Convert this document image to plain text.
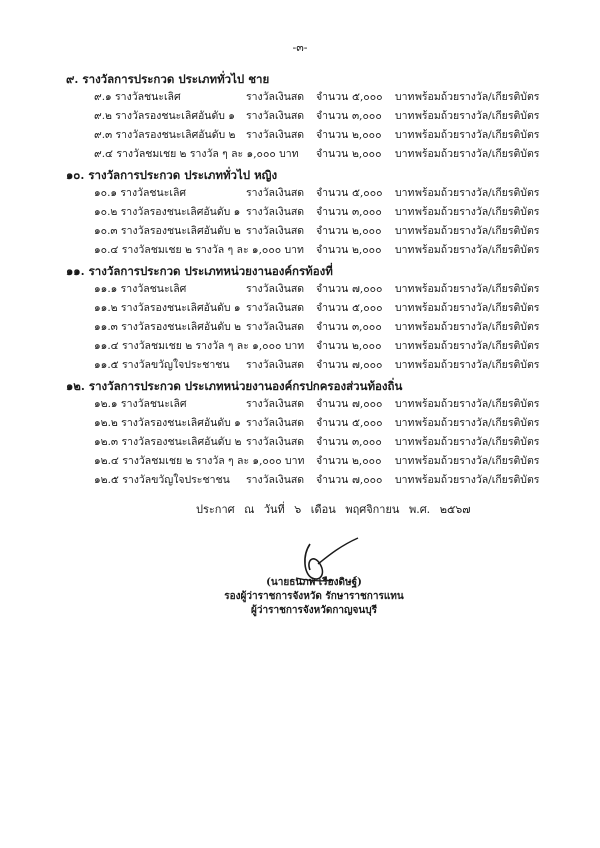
-๓-
๙. รางวัลการประกวด ประเภททั่วไป ชาย
๙.๑ รางวัลชนะเลิศ	รางวัลเงินสด จำนวน ๕,๐๐๐ บาท พร้อมถ้วยรางวัล/เกียรติบัตร
๙.๒ รางวัลรองชนะเลิศอันดับ ๑ รางวัลเงินสด จำนวน ๓,๐๐๐ บาท พร้อมถ้วยรางวัล/เกียรติบัตร
๙.๓ รางวัลรองชนะเลิศอันดับ ๒ รางวัลเงินสด จำนวน ๒,๐๐๐ บาท พร้อมถ้วยรางวัล/เกียรติบัตร
๙.๔ รางวัลชมเชย ๒ รางวัล ๆ ละ ๑,๐๐๐ บาท จำนวน ๒,๐๐๐ บาท พร้อมถ้วยรางวัล/เกียรติบัตร
๑๐. รางวัลการประกวด ประเภททั่วไป หญิง
๑๐.๑ รางวัลชนะเลิศ	รางวัลเงินสด จำนวน ๕,๐๐๐ บาท พร้อมถ้วยรางวัล/เกียรติบัตร
๑๐.๒ รางวัลรองชนะเลิศอันดับ ๑ รางวัลเงินสด จำนวน ๓,๐๐๐ บาท พร้อมถ้วยรางวัล/เกียรติบัตร
๑๐.๓ รางวัลรองชนะเลิศอันดับ ๒ รางวัลเงินสด จำนวน ๒,๐๐๐ บาท พร้อมถ้วยรางวัล/เกียรติบัตร
๑๐.๔ รางวัลชมเชย ๒ รางวัล ๆ ละ ๑,๐๐๐ บาท จำนวน ๒,๐๐๐ บาท พร้อมถ้วยรางวัล/เกียรติบัตร
๑๑. รางวัลการประกวด ประเภทหน่วยงานองค์กรท้องที่
๑๑.๑ รางวัลชนะเลิศ	รางวัลเงินสด จำนวน ๗,๐๐๐ บาท พร้อมถ้วยรางวัล/เกียรติบัตร
๑๑.๒ รางวัลรองชนะเลิศอันดับ ๑ รางวัลเงินสด จำนวน ๕,๐๐๐ บาท พร้อมถ้วยรางวัล/เกียรติบัตร
๑๑.๓ รางวัลรองชนะเลิศอันดับ ๒ รางวัลเงินสด จำนวน ๓,๐๐๐ บาท พร้อมถ้วยรางวัล/เกียรติบัตร
๑๑.๔ รางวัลชมเชย ๒ รางวัล ๆ ละ ๑,๐๐๐ บาท จำนวน ๒,๐๐๐ บาท พร้อมถ้วยรางวัล/เกียรติบัตร
๑๑.๕ รางวัลขวัญใจประชาชน รางวัลเงินสด จำนวน ๗,๐๐๐ บาท พร้อมถ้วยรางวัล/เกียรติบัตร
๑๒. รางวัลการประกวด ประเภทหน่วยงานองค์กรปกครองส่วนท้องถิ่น
๑๒.๑ รางวัลชนะเลิศ	รางวัลเงินสด จำนวน ๗,๐๐๐ บาท พร้อมถ้วยรางวัล/เกียรติบัตร
๑๒.๒ รางวัลรองชนะเลิศอันดับ ๑ รางวัลเงินสด จำนวน ๕,๐๐๐ บาท พร้อมถ้วยรางวัล/เกียรติบัตร
๑๒.๓ รางวัลรองชนะเลิศอันดับ ๒ รางวัลเงินสด จำนวน ๓,๐๐๐ บาท พร้อมถ้วยรางวัล/เกียรติบัตร
๑๒.๔ รางวัลชมเชย ๒ รางวัล ๆ ละ ๑,๐๐๐ บาท จำนวน ๒,๐๐๐ บาท พร้อมถ้วยรางวัล/เกียรติบัตร
๑๒.๕ รางวัลขวัญใจประชาชน รางวัลเงินสด จำนวน ๗,๐๐๐ บาท พร้อมถ้วยรางวัล/เกียรติบัตร
ประกาศ ณ วันที่ ๖ เดือน พฤศจิกายน พ.ศ. ๒๕๖๗
(นายธนภพ เรืองดิษฐ์)
รองผู้ว่าราชการจังหวัด รักษาราชการแทน
ผู้ว่าราชการจังหวัดกาญจนบุรี
